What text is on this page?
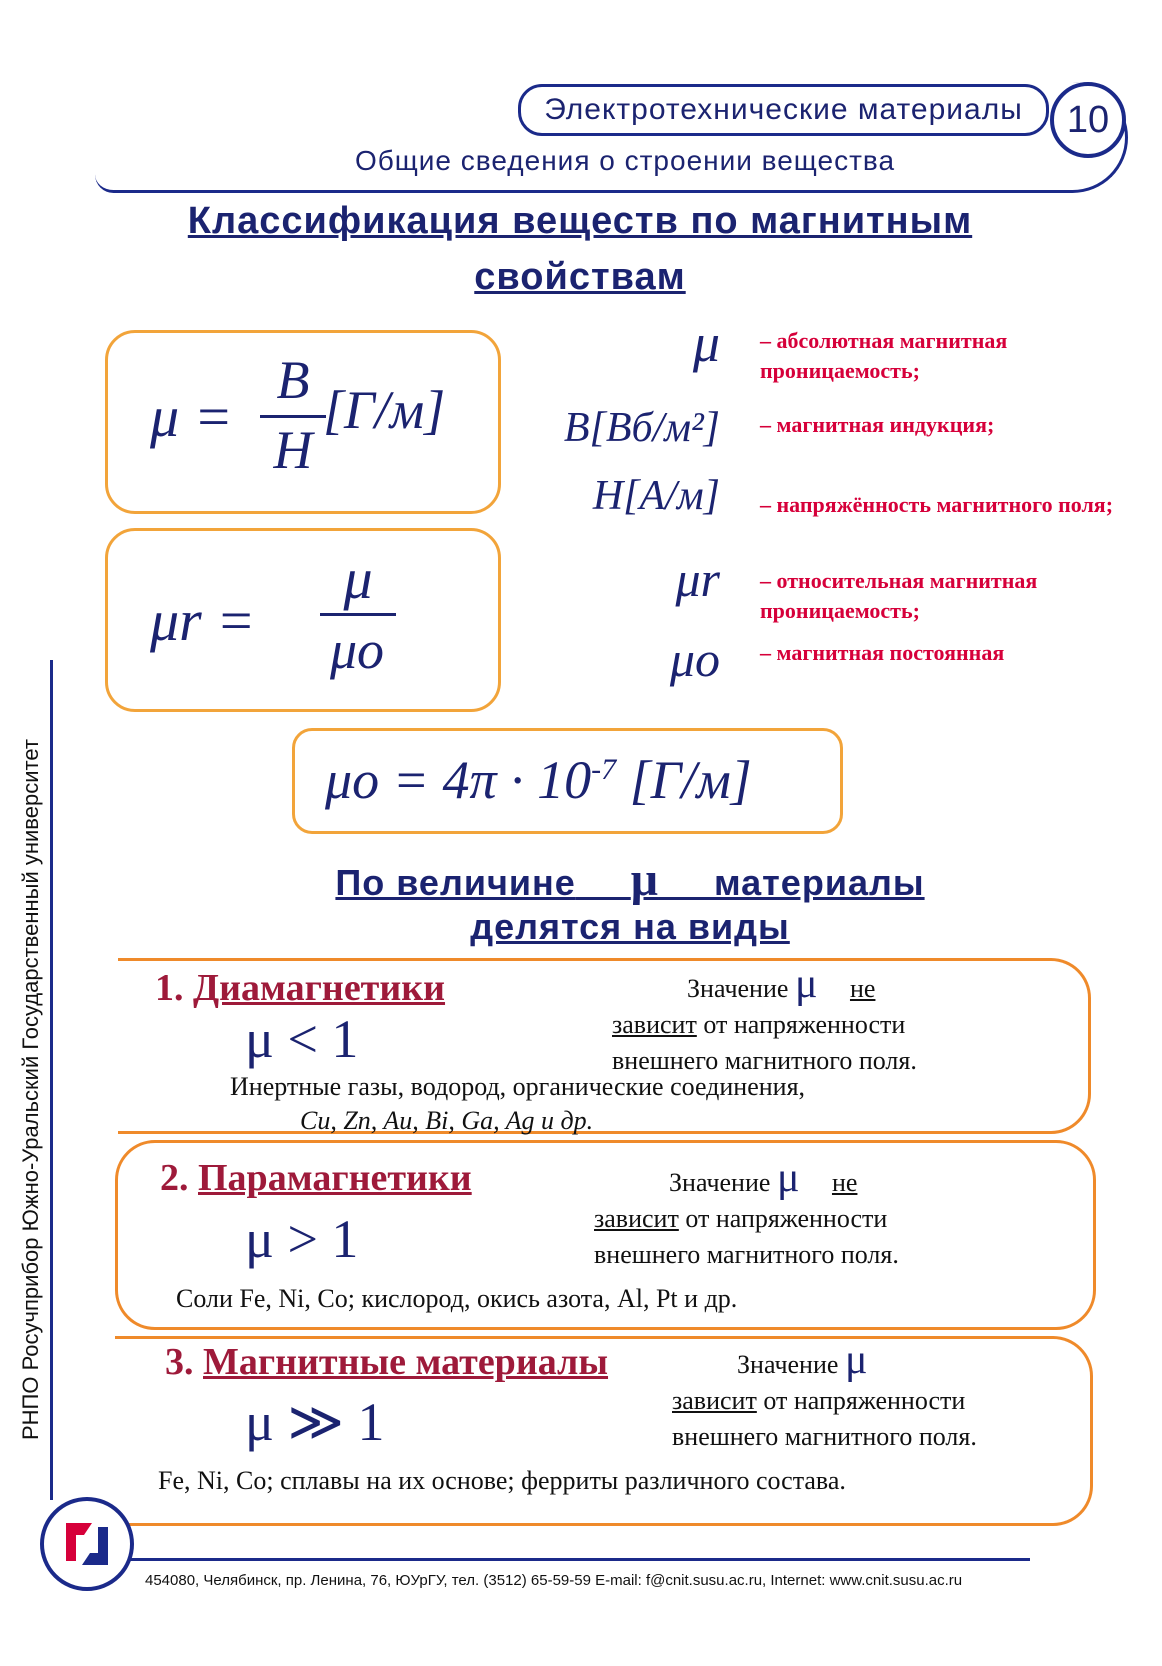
Электротехнические материалы	10
Общие сведения о строении вещества
Классификация веществ по магнитным
свойствам
μ =
B
H
[Г/м]
μr =
μ
μo
μ – абсолютная магнитная проницаемость;
B[Вб/м²] – магнитная индукция;
H[А/м] – напряжённость магнитного поля;
μr – относительная магнитная проницаемость;
μo – магнитная постоянная
$\mu o = 4\pi \cdot 10^{-7}$ [Г/м]
По величине μ материалы
делятся на виды
1. Диамагнетики
μ < 1
Значение μ не
зависит от напряженности
внешнего магнитного поля.
Инертные газы, водород, органические соединения,
Cu, Zn, Au, Bi, Ga, Ag и др.
2. Парамагнетики
μ > 1
Значение μ не
зависит от напряженности
внешнего магнитного поля.
Соли Fe, Ni, Co; кислород, окись азота, Al, Pt и др.
3. Магнитные материалы
μ ≫ 1
Значение μ
зависит от напряженности
внешнего магнитного поля.
Fe, Ni, Co; сплавы на их основе; ферриты различного состава.
РНПО Росучприбор Южно-Уральский Государственный университет
454080, Челябинск, пр. Ленина, 76, ЮУрГУ, тел. (3512) 65-59-59 E-mail: f@cnit.susu.ac.ru, Internet: www.cnit.susu.ac.ru
